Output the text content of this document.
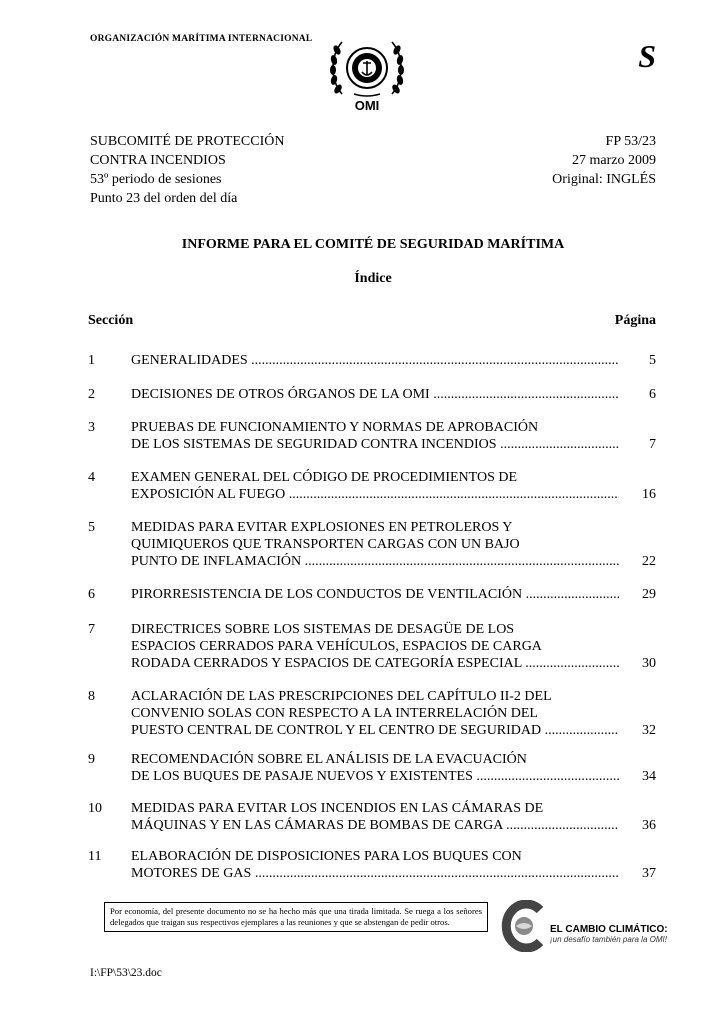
ORGANIZACIÓN MARÍTIMA INTERNACIONAL	S
OMI
SUBCOMITÉ DE PROTECCIÓN
CONTRA INCENDIOS
53º periodo de sesiones
Punto 23 del orden del día
FP 53/23
27 marzo 2009
Original: INGLÉS
INFORME PARA EL COMITÉ DE SEGURIDAD MARÍTIMA
Índice
Sección	Página
1	GENERALIDADES .....	5
2	DECISIONES DE OTROS ÓRGANOS DE LA OMI .....	6
3	PRUEBAS DE FUNCIONAMIENTO Y NORMAS DE APROBACIÓN
DE LOS SISTEMAS DE SEGURIDAD CONTRA INCENDIOS .....	7
4	EXAMEN GENERAL DEL CÓDIGO DE PROCEDIMIENTOS DE
EXPOSICIÓN AL FUEGO .....	16
5	MEDIDAS PARA EVITAR EXPLOSIONES EN PETROLEROS Y
QUIMIQUEROS QUE TRANSPORTEN CARGAS CON UN BAJO
PUNTO DE INFLAMACIÓN .....	22
6	PIRORRESISTENCIA DE LOS CONDUCTOS DE VENTILACIÓN .....	29
7	DIRECTRICES SOBRE LOS SISTEMAS DE DESAGÜE DE LOS
ESPACIOS CERRADOS PARA VEHÍCULOS, ESPACIOS DE CARGA
RODADA CERRADOS Y ESPACIOS DE CATEGORÍA ESPECIAL .....	30
8	ACLARACIÓN DE LAS PRESCRIPCIONES DEL CAPÍTULO II-2 DEL
CONVENIO SOLAS CON RESPECTO A LA INTERRELACIÓN DEL
PUESTO CENTRAL DE CONTROL Y EL CENTRO DE SEGURIDAD .....	32
9	RECOMENDACIÓN SOBRE EL ANÁLISIS DE LA EVACUACIÓN
DE LOS BUQUES DE PASAJE NUEVOS Y EXISTENTES .....	34
10 MEDIDAS PARA EVITAR LOS INCENDIOS EN LAS CÁMARAS DE
MÁQUINAS Y EN LAS CÁMARAS DE BOMBAS DE CARGA .....	36
11 ELABORACIÓN DE DISPOSICIONES PARA LOS BUQUES CON
MOTORES DE GAS .....	37
Por economía, del presente documento no se ha hecho más que una tirada limitada. Se ruega a los señores delegados que traigan sus respectivos ejemplares a las reuniones y que se abstengan de pedir otros.
EL CAMBIO CLIMÁTICO:
¡un desafío también para la OMI!
I:\FP\53\23.doc
